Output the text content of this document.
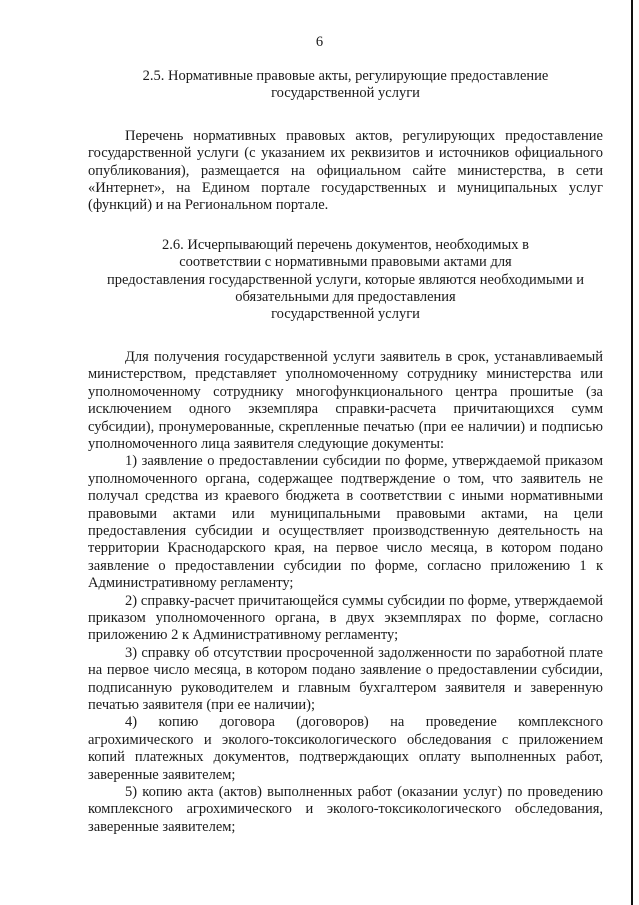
6
2.5. Нормативные правовые акты, регулирующие предоставление
государственной услуги

Перечень нормативных правовых актов, регулирующих предоставление государственной услуги (с указанием их реквизитов и источников официального опубликования), размещается на официальном сайте министерства, в сети «Интернет», на Едином портале государственных и муниципальных услуг (функций) и на Региональном портале.

2.6. Исчерпывающий перечень документов, необходимых в
соответствии с нормативными правовыми актами для
предоставления государственной услуги, которые являются необходимыми и
обязательными для предоставления
государственной услуги

Для получения государственной услуги заявитель в срок, устанавливаемый министерством, представляет уполномоченному сотруднику министерства или уполномоченному сотруднику многофункционального центра прошитые (за исключением одного экземпляра справки-расчета причитающихся сумм субсидии), пронумерованные, скрепленные печатью (при ее наличии) и подписью уполномоченного лица заявителя следующие документы:

1) заявление о предоставлении субсидии по форме, утверждаемой приказом уполномоченного органа, содержащее подтверждение о том, что заявитель не получал средства из краевого бюджета в соответствии с иными нормативными правовыми актами или муниципальными правовыми актами, на цели предоставления субсидии и осуществляет производственную деятельность на территории Краснодарского края, на первое число месяца, в котором подано заявление о предоставлении субсидии по форме, согласно приложению 1 к Административному регламенту;

2) справку-расчет причитающейся суммы субсидии по форме, утверждаемой приказом уполномоченного органа, в двух экземплярах по форме, согласно приложению 2 к Административному регламенту;

3) справку об отсутствии просроченной задолженности по заработной плате на первое число месяца, в котором подано заявление о предоставлении субсидии, подписанную руководителем и главным бухгалтером заявителя и заверенную печатью заявителя (при ее наличии);

4) копию договора (договоров) на проведение комплексного агрохимического и эколого-токсикологического обследования с приложением копий платежных документов, подтверждающих оплату выполненных работ, заверенные заявителем;

5) копию акта (актов) выполненных работ (оказании услуг) по проведению комплексного агрохимического и эколого-токсикологического обследования, заверенные заявителем;
